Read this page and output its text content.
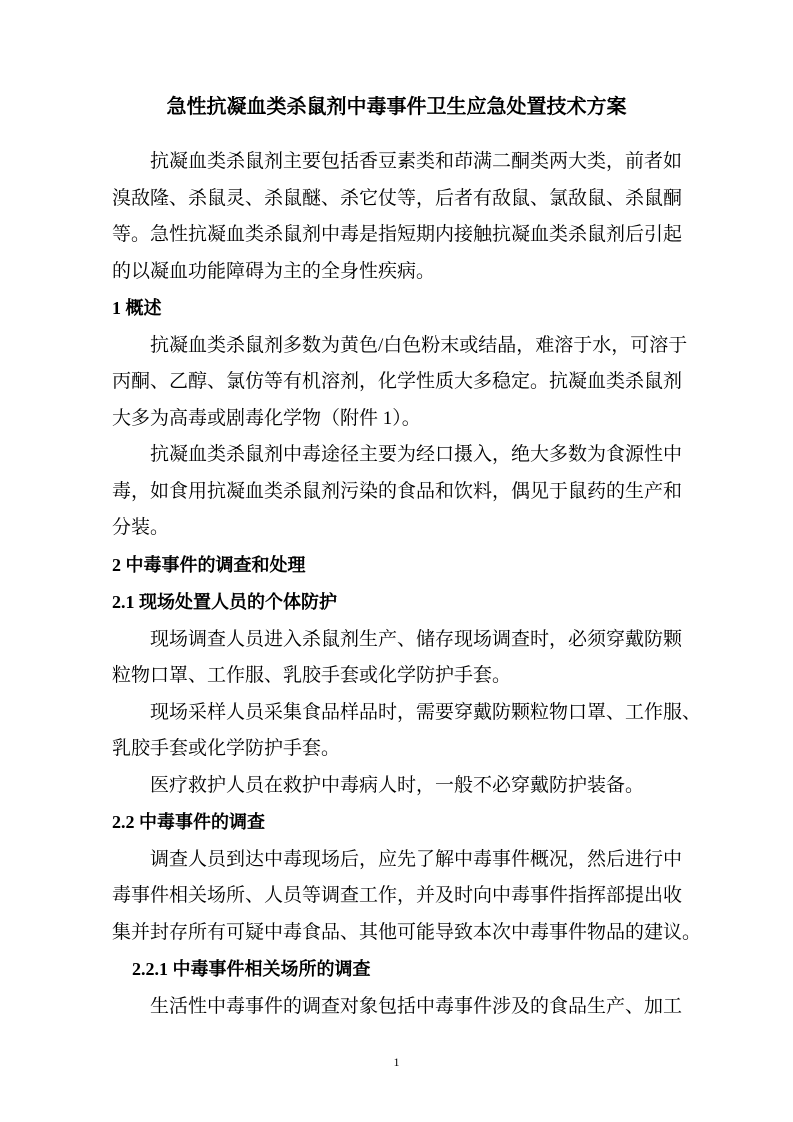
急性抗凝血类杀鼠剂中毒事件卫生应急处置技术方案
抗凝血类杀鼠剂主要包括香豆素类和茚满二酮类两大类，前者如
溴敌隆、杀鼠灵、杀鼠醚、杀它仗等，后者有敌鼠、氯敌鼠、杀鼠酮
等。急性抗凝血类杀鼠剂中毒是指短期内接触抗凝血类杀鼠剂后引起
的以凝血功能障碍为主的全身性疾病。
1 概述
抗凝血类杀鼠剂多数为黄色/白色粉末或结晶，难溶于水，可溶于
丙酮、乙醇、氯仿等有机溶剂，化学性质大多稳定。抗凝血类杀鼠剂
大多为高毒或剧毒化学物（附件 1）。
抗凝血类杀鼠剂中毒途径主要为经口摄入，绝大多数为食源性中
毒，如食用抗凝血类杀鼠剂污染的食品和饮料，偶见于鼠药的生产和
分装。
2 中毒事件的调查和处理
2.1 现场处置人员的个体防护
现场调查人员进入杀鼠剂生产、储存现场调查时，必须穿戴防颗
粒物口罩、工作服、乳胶手套或化学防护手套。
现场采样人员采集食品样品时，需要穿戴防颗粒物口罩、工作服、
乳胶手套或化学防护手套。
医疗救护人员在救护中毒病人时，一般不必穿戴防护装备。
2.2 中毒事件的调查
调查人员到达中毒现场后，应先了解中毒事件概况，然后进行中
毒事件相关场所、人员等调查工作，并及时向中毒事件指挥部提出收
集并封存所有可疑中毒食品、其他可能导致本次中毒事件物品的建议。
2.2.1 中毒事件相关场所的调查
生活性中毒事件的调查对象包括中毒事件涉及的食品生产、加工
1
